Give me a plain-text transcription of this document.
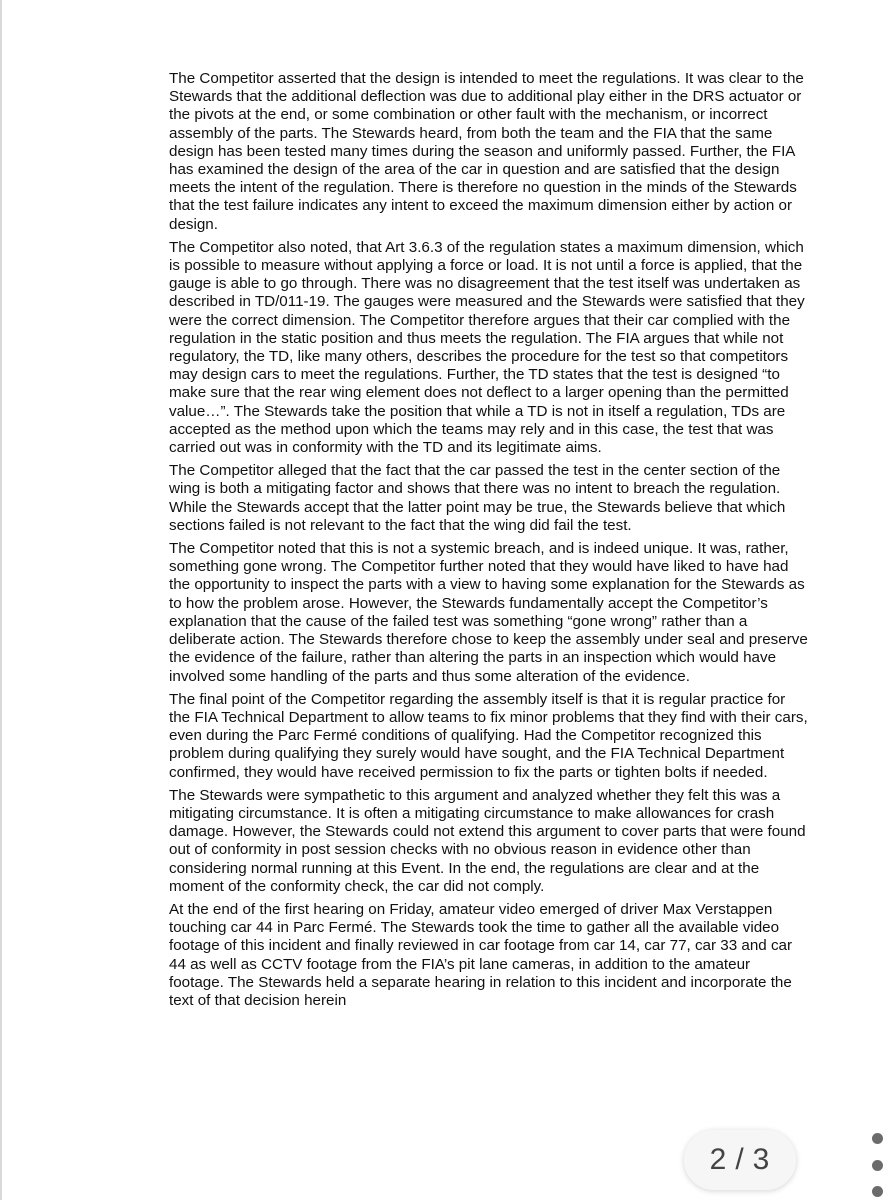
The Competitor asserted that the design is intended to meet the regulations. It was clear to the Stewards that the additional deflection was due to additional play either in the DRS actuator or the pivots at the end, or some combination or other fault with the mechanism, or incorrect assembly of the parts. The Stewards heard, from both the team and the FIA that the same design has been tested many times during the season and uniformly passed. Further, the FIA has examined the design of the area of the car in question and are satisfied that the design meets the intent of the regulation. There is therefore no question in the minds of the Stewards that the test failure indicates any intent to exceed the maximum dimension either by action or design.

The Competitor also noted, that Art 3.6.3 of the regulation states a maximum dimension, which is possible to measure without applying a force or load. It is not until a force is applied, that the gauge is able to go through. There was no disagreement that the test itself was undertaken as described in TD/011-19. The gauges were measured and the Stewards were satisfied that they were the correct dimension. The Competitor therefore argues that their car complied with the regulation in the static position and thus meets the regulation. The FIA argues that while not regulatory, the TD, like many others, describes the procedure for the test so that competitors may design cars to meet the regulations. Further, the TD states that the test is designed “to make sure that the rear wing element does not deflect to a larger opening than the permitted value…”. The Stewards take the position that while a TD is not in itself a regulation, TDs are accepted as the method upon which the teams may rely and in this case, the test that was carried out was in conformity with the TD and its legitimate aims.

The Competitor alleged that the fact that the car passed the test in the center section of the wing is both a mitigating factor and shows that there was no intent to breach the regulation. While the Stewards accept that the latter point may be true, the Stewards believe that which sections failed is not relevant to the fact that the wing did fail the test.

The Competitor noted that this is not a systemic breach, and is indeed unique. It was, rather, something gone wrong. The Competitor further noted that they would have liked to have had the opportunity to inspect the parts with a view to having some explanation for the Stewards as to how the problem arose. However, the Stewards fundamentally accept the Competitor’s explanation that the cause of the failed test was something “gone wrong” rather than a deliberate action. The Stewards therefore chose to keep the assembly under seal and preserve the evidence of the failure, rather than altering the parts in an inspection which would have involved some handling of the parts and thus some alteration of the evidence.

The final point of the Competitor regarding the assembly itself is that it is regular practice for the FIA Technical Department to allow teams to fix minor problems that they find with their cars, even during the Parc Fermé conditions of qualifying. Had the Competitor recognized this problem during qualifying they surely would have sought, and the FIA Technical Department confirmed, they would have received permission to fix the parts or tighten bolts if needed.

The Stewards were sympathetic to this argument and analyzed whether they felt this was a mitigating circumstance. It is often a mitigating circumstance to make allowances for crash damage. However, the Stewards could not extend this argument to cover parts that were found out of conformity in post session checks with no obvious reason in evidence other than considering normal running at this Event. In the end, the regulations are clear and at the moment of the conformity check, the car did not comply.

At the end of the first hearing on Friday, amateur video emerged of driver Max Verstappen touching car 44 in Parc Fermé. The Stewards took the time to gather all the available video footage of this incident and finally reviewed in car footage from car 14, car 77, car 33 and car 44 as well as CCTV footage from the FIA’s pit lane cameras, in addition to the amateur footage. The Stewards held a separate hearing in relation to this incident and incorporate the text of that decision herein

2 / 3
